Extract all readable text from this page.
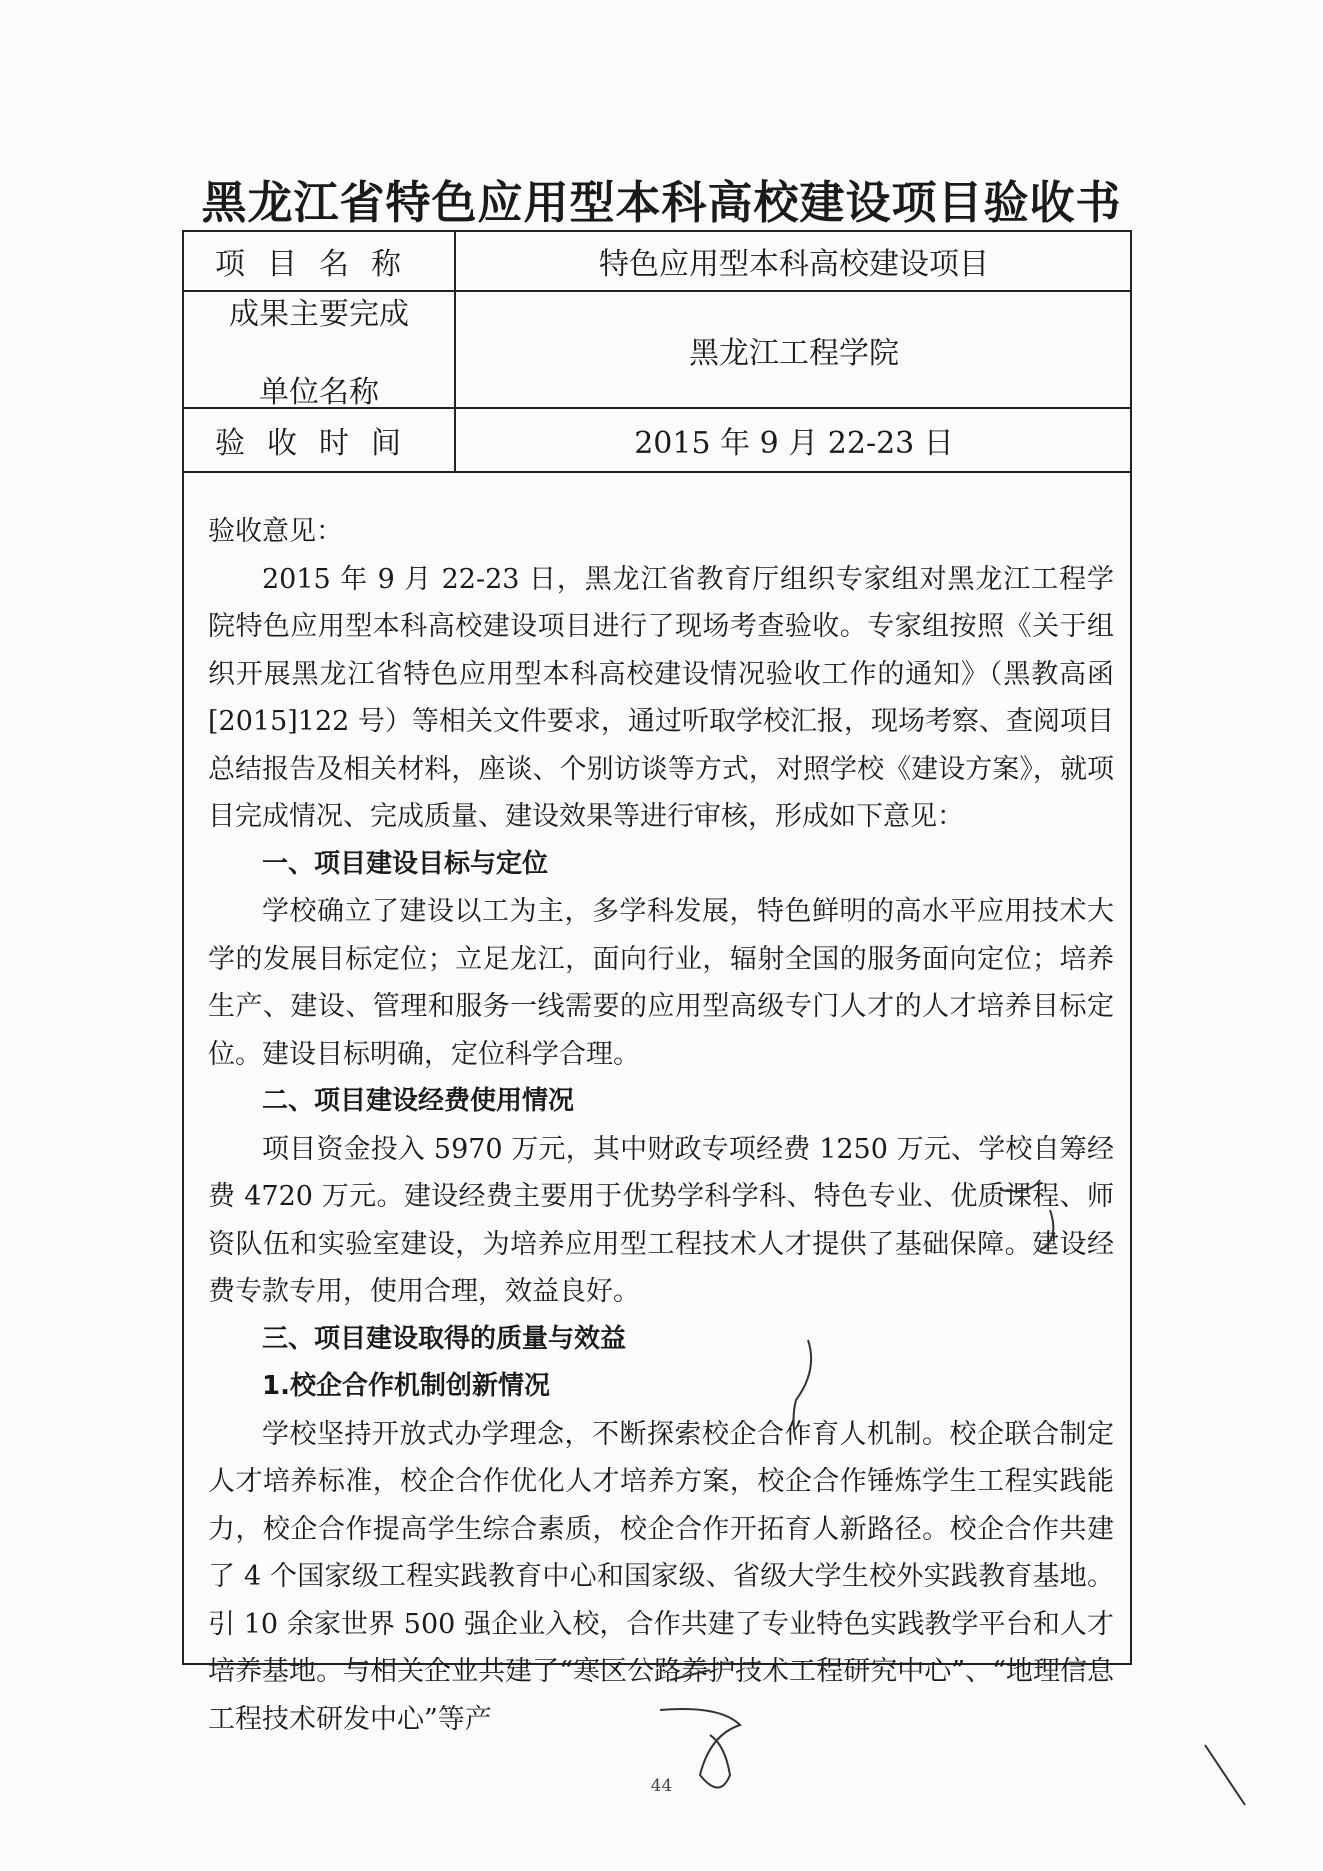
黑龙江省特色应用型本科高校建设项目验收书
项目名称	特色应用型本科高校建设项目
成果主要完成
单位名称
黑龙江工程学院
验收时间	2015 年 9 月 22-23 日

验收意见：

2015 年 9 月 22-23 日，黑龙江省教育厅组织专家组对黑龙江工程学院特色应用型本科高校建设项目进行了现场考查验收。专家组按照《关于组织开展黑龙江省特色应用型本科高校建设情况验收工作的通知》（黑教高函[2015]122 号）等相关文件要求，通过听取学校汇报，现场考察、查阅项目总结报告及相关材料，座谈、个别访谈等方式，对照学校《建设方案》，就项目完成情况、完成质量、建设效果等进行审核，形成如下意见：

一、项目建设目标与定位

学校确立了建设以工为主，多学科发展，特色鲜明的高水平应用技术大学的发展目标定位；立足龙江，面向行业，辐射全国的服务面向定位；培养生产、建设、管理和服务一线需要的应用型高级专门人才的人才培养目标定位。建设目标明确，定位科学合理。

二、项目建设经费使用情况

项目资金投入 5970 万元，其中财政专项经费 1250 万元、学校自筹经费 4720 万元。建设经费主要用于优势学科学科、特色专业、优质课程、师资队伍和实验室建设，为培养应用型工程技术人才提供了基础保障。建设经费专款专用，使用合理，效益良好。

三、项目建设取得的质量与效益

1.校企合作机制创新情况

学校坚持开放式办学理念，不断探索校企合作育人机制。校企联合制定人才培养标准，校企合作优化人才培养方案，校企合作锤炼学生工程实践能力，校企合作提高学生综合素质，校企合作开拓育人新路径。校企合作共建了 4 个国家级工程实践教育中心和国家级、省级大学生校外实践教育基地。引 10 余家世界 500 强企业入校，合作共建了专业特色实践教学平台和人才培养基地。与相关企业共建了“寒区公路养护技术工程研究中心”、“地理信息工程技术研发中心”等产

44
